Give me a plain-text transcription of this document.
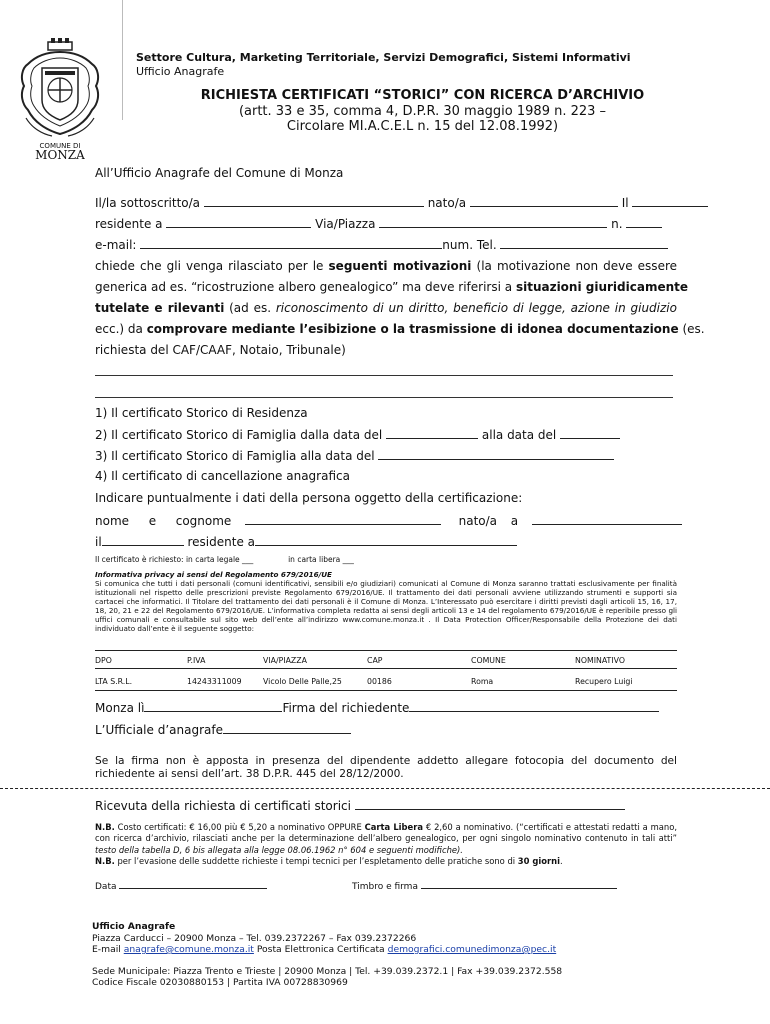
COMUNE DI
MONZA
Settore Cultura, Marketing Territoriale, Servizi Demografici, Sistemi Informativi
Ufficio Anagrafe
RICHIESTA CERTIFICATI “STORICI” CON RICERCA D’ARCHIVIO
(artt. 33 e 35, comma 4, D.P.R. 30 maggio 1989 n. 223 –
Circolare MI.A.C.E.L n. 15 del 12.08.1992)
All’Ufficio Anagrafe del Comune di Monza
Il/la sottoscritto/a	nato/a	Il
residente a	Via/Piazza	n.
e-mail:	num. Tel.
chiede che gli venga rilasciato per le seguenti motivazioni (la motivazione non deve essere
generica ad es. “ricostruzione albero genealogico” ma deve riferirsi a situazioni giuridicamente
tutelate e rilevanti (ad es. riconoscimento di un diritto, beneficio di legge, azione in giudizio
ecc.) da comprovare mediante l’esibizione o la trasmissione di idonea documentazione (es.
richiesta del CAF/CAAF, Notaio, Tribunale)
1) Il certificato Storico di Residenza
2) Il certificato Storico di Famiglia dalla data del	alla data del
3) Il certificato Storico di Famiglia alla data del
4) Il certificato di cancellazione anagrafica
Indicare puntualmente i dati della persona oggetto della certificazione:
nome e cognome	nato/a a
il	residente a
Il certificato è richiesto: in carta legale ___	in carta libera ___
Informativa privacy ai sensi del Regolamento 679/2016/UE
Si comunica che tutti i dati personali (comuni identificativi, sensibili e/o giudiziari) comunicati al Comune di Monza saranno trattati esclusivamente per finalità istituzionali nel rispetto delle prescrizioni previste Regolamento 679/2016/UE. Il trattamento dei dati personali avviene utilizzando strumenti e supporti sia cartacei che informatici. Il Titolare del trattamento dei dati personali è il Comune di Monza. L’Interessato può esercitare i diritti previsti dagli articoli 15, 16, 17, 18, 20, 21 e 22 del Regolamento 679/2016/UE. L’informativa completa redatta ai sensi degli articoli 13 e 14 del regolamento 679/2016/UE è reperibile presso gli uffici comunali e consultabile sul sito web dell’ente all’indirizzo www.comune.monza.it . Il Data Protection Officer/Responsabile della Protezione dei dati individuato dall’ente è il seguente soggetto:
DPO	P.IVA	VIA/PIAZZA	CAP	COMUNE	NOMINATIVO
LTA S.R.L.	14243311009	Vicolo Delle Palle,25	00186	Roma	Recupero Luigi
Monza lì	Firma del richiedente
L’Ufficiale d’anagrafe
Se la firma non è apposta in presenza del dipendente addetto allegare fotocopia del documento del richiedente ai sensi dell’art. 38 D.P.R. 445 del 28/12/2000.
Ricevuta della richiesta di certificati storici
N.B. Costo certificati: € 16,00 più € 5,20 a nominativo OPPURE Carta Libera € 2,60 a nominativo. (“certificati e attestati redatti a mano, con ricerca d’archivio, rilasciati anche per la determinazione dell’albero genealogico, per ogni singolo nominativo contenuto in tali atti” testo della tabella D, 6 bis allegata alla legge 08.06.1962 n° 604 e seguenti modifiche).
N.B. per l’evasione delle suddette richieste i tempi tecnici per l’espletamento delle pratiche sono di 30 giorni.
Data	Timbro e firma
Ufficio Anagrafe
Piazza Carducci – 20900 Monza – Tel. 039.2372267 – Fax 039.2372266
E-mail anagrafe@comune.monza.it Posta Elettronica Certificata demografici.comunedimonza@pec.it
Sede Municipale: Piazza Trento e Trieste | 20900 Monza | Tel. +39.039.2372.1 | Fax +39.039.2372.558
Codice Fiscale 02030880153 | Partita IVA 00728830969
